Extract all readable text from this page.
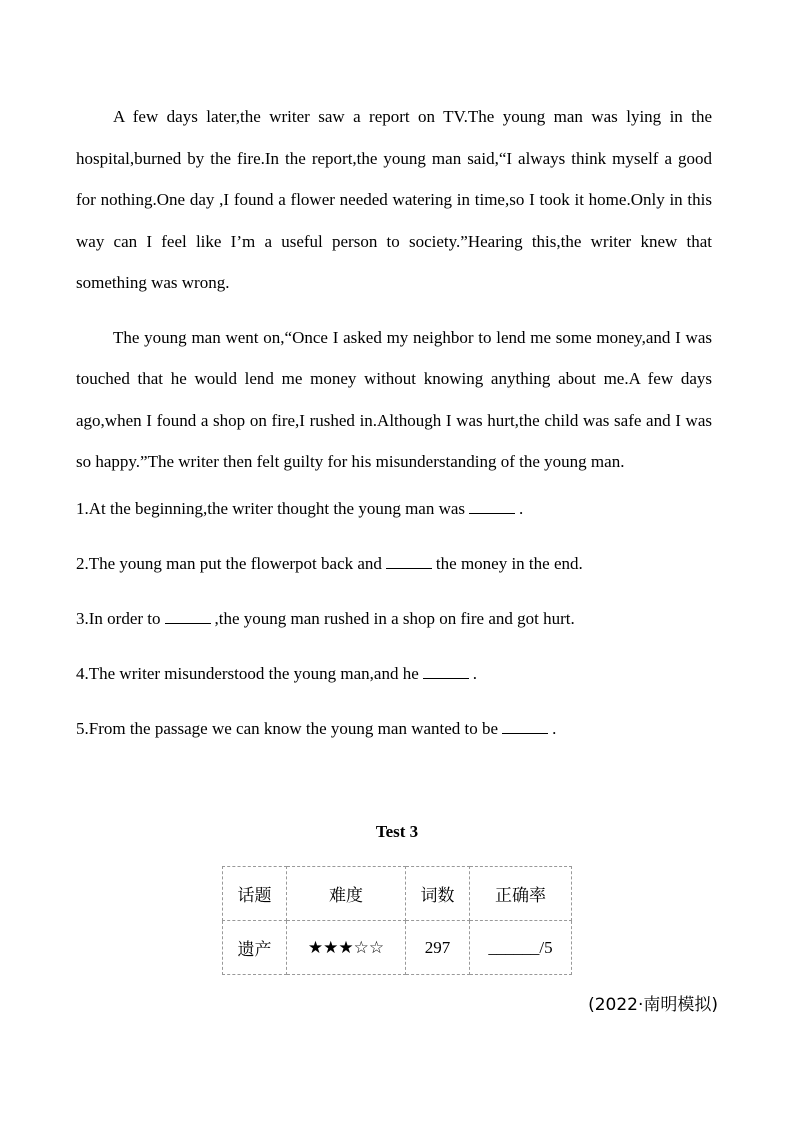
A few days later,the writer saw a report on TV.The young man was lying in the hospital,burned by the fire.In the report,the young man said,“I always think myself a good for nothing.One day ,I found a flower needed watering in time,so I took it home.Only in this way can I feel like I’m a useful person to society.”Hearing this,the writer knew that something was wrong.

The young man went on,“Once I asked my neighbor to lend me some money,and I was touched that he would lend me money without knowing anything about me.A few days ago,when I found a shop on fire,I rushed in.Although I was hurt,the child was safe and I was so happy.”The writer then felt guilty for his misunderstanding of the young man.

1.At the beginning,the writer thought the young man was	.

2.The young man put the flowerpot back and	the money in the end.

3.In order to	,the young man rushed in a shop on fire and got hurt.

4.The writer misunderstood the young man,and he	.

5.From the passage we can know the young man wanted to be	.

Test 3
话题	难度	词数	正确率
遗产	★★★☆☆	297	______/5
(2022·南明模拟)
